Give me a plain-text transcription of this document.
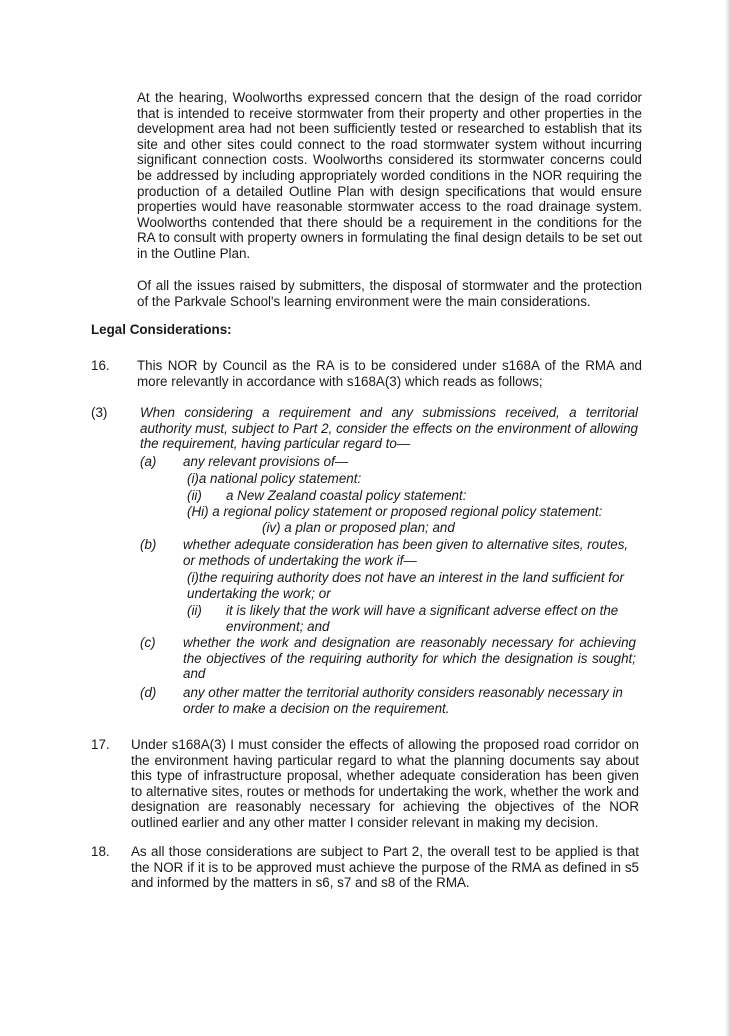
At the hearing, Woolworths expressed concern that the design of the road corridor that is intended to receive stormwater from their property and other properties in the development area had not been sufficiently tested or researched to establish that its site and other sites could connect to the road stormwater system without incurring significant connection costs. Woolworths considered its stormwater concerns could be addressed by including appropriately worded conditions in the NOR requiring the production of a detailed Outline Plan with design specifications that would ensure properties would have reasonable stormwater access to the road drainage system. Woolworths contended that there should be a requirement in the conditions for the RA to consult with property owners in formulating the final design details to be set out in the Outline Plan.

Of all the issues raised by submitters, the disposal of stormwater and the protection of the Parkvale School's learning environment were the main considerations.

Legal Considerations:

16. This NOR by Council as the RA is to be considered under s168A of the RMA and more relevantly in accordance with s168A(3) which reads as follows;

(3) When considering a requirement and any submissions received, a territorial authority must, subject to Part 2, consider the effects on the environment of allowing the requirement, having particular regard to—

(a) any relevant provisions of—

(i)a national policy statement:

(ii) a New Zealand coastal policy statement:

(Hi) a regional policy statement or proposed regional policy statement:

(iv) a plan or proposed plan; and

(b) whether adequate consideration has been given to alternative sites, routes, or methods of undertaking the work if—

(i)the requiring authority does not have an interest in the land sufficient for undertaking the work; or

(ii) it is likely that the work will have a significant adverse effect on the environment; and

(c) whether the work and designation are reasonably necessary for achieving the objectives of the requiring authority for which the designation is sought; and

(d) any other matter the territorial authority considers reasonably necessary in order to make a decision on the requirement.

17. Under s168A(3) I must consider the effects of allowing the proposed road corridor on the environment having particular regard to what the planning documents say about this type of infrastructure proposal, whether adequate consideration has been given to alternative sites, routes or methods for undertaking the work, whether the work and designation are reasonably necessary for achieving the objectives of the NOR outlined earlier and any other matter I consider relevant in making my decision.

18. As all those considerations are subject to Part 2, the overall test to be applied is that the NOR if it is to be approved must achieve the purpose of the RMA as defined in s5 and informed by the matters in s6, s7 and s8 of the RMA.
